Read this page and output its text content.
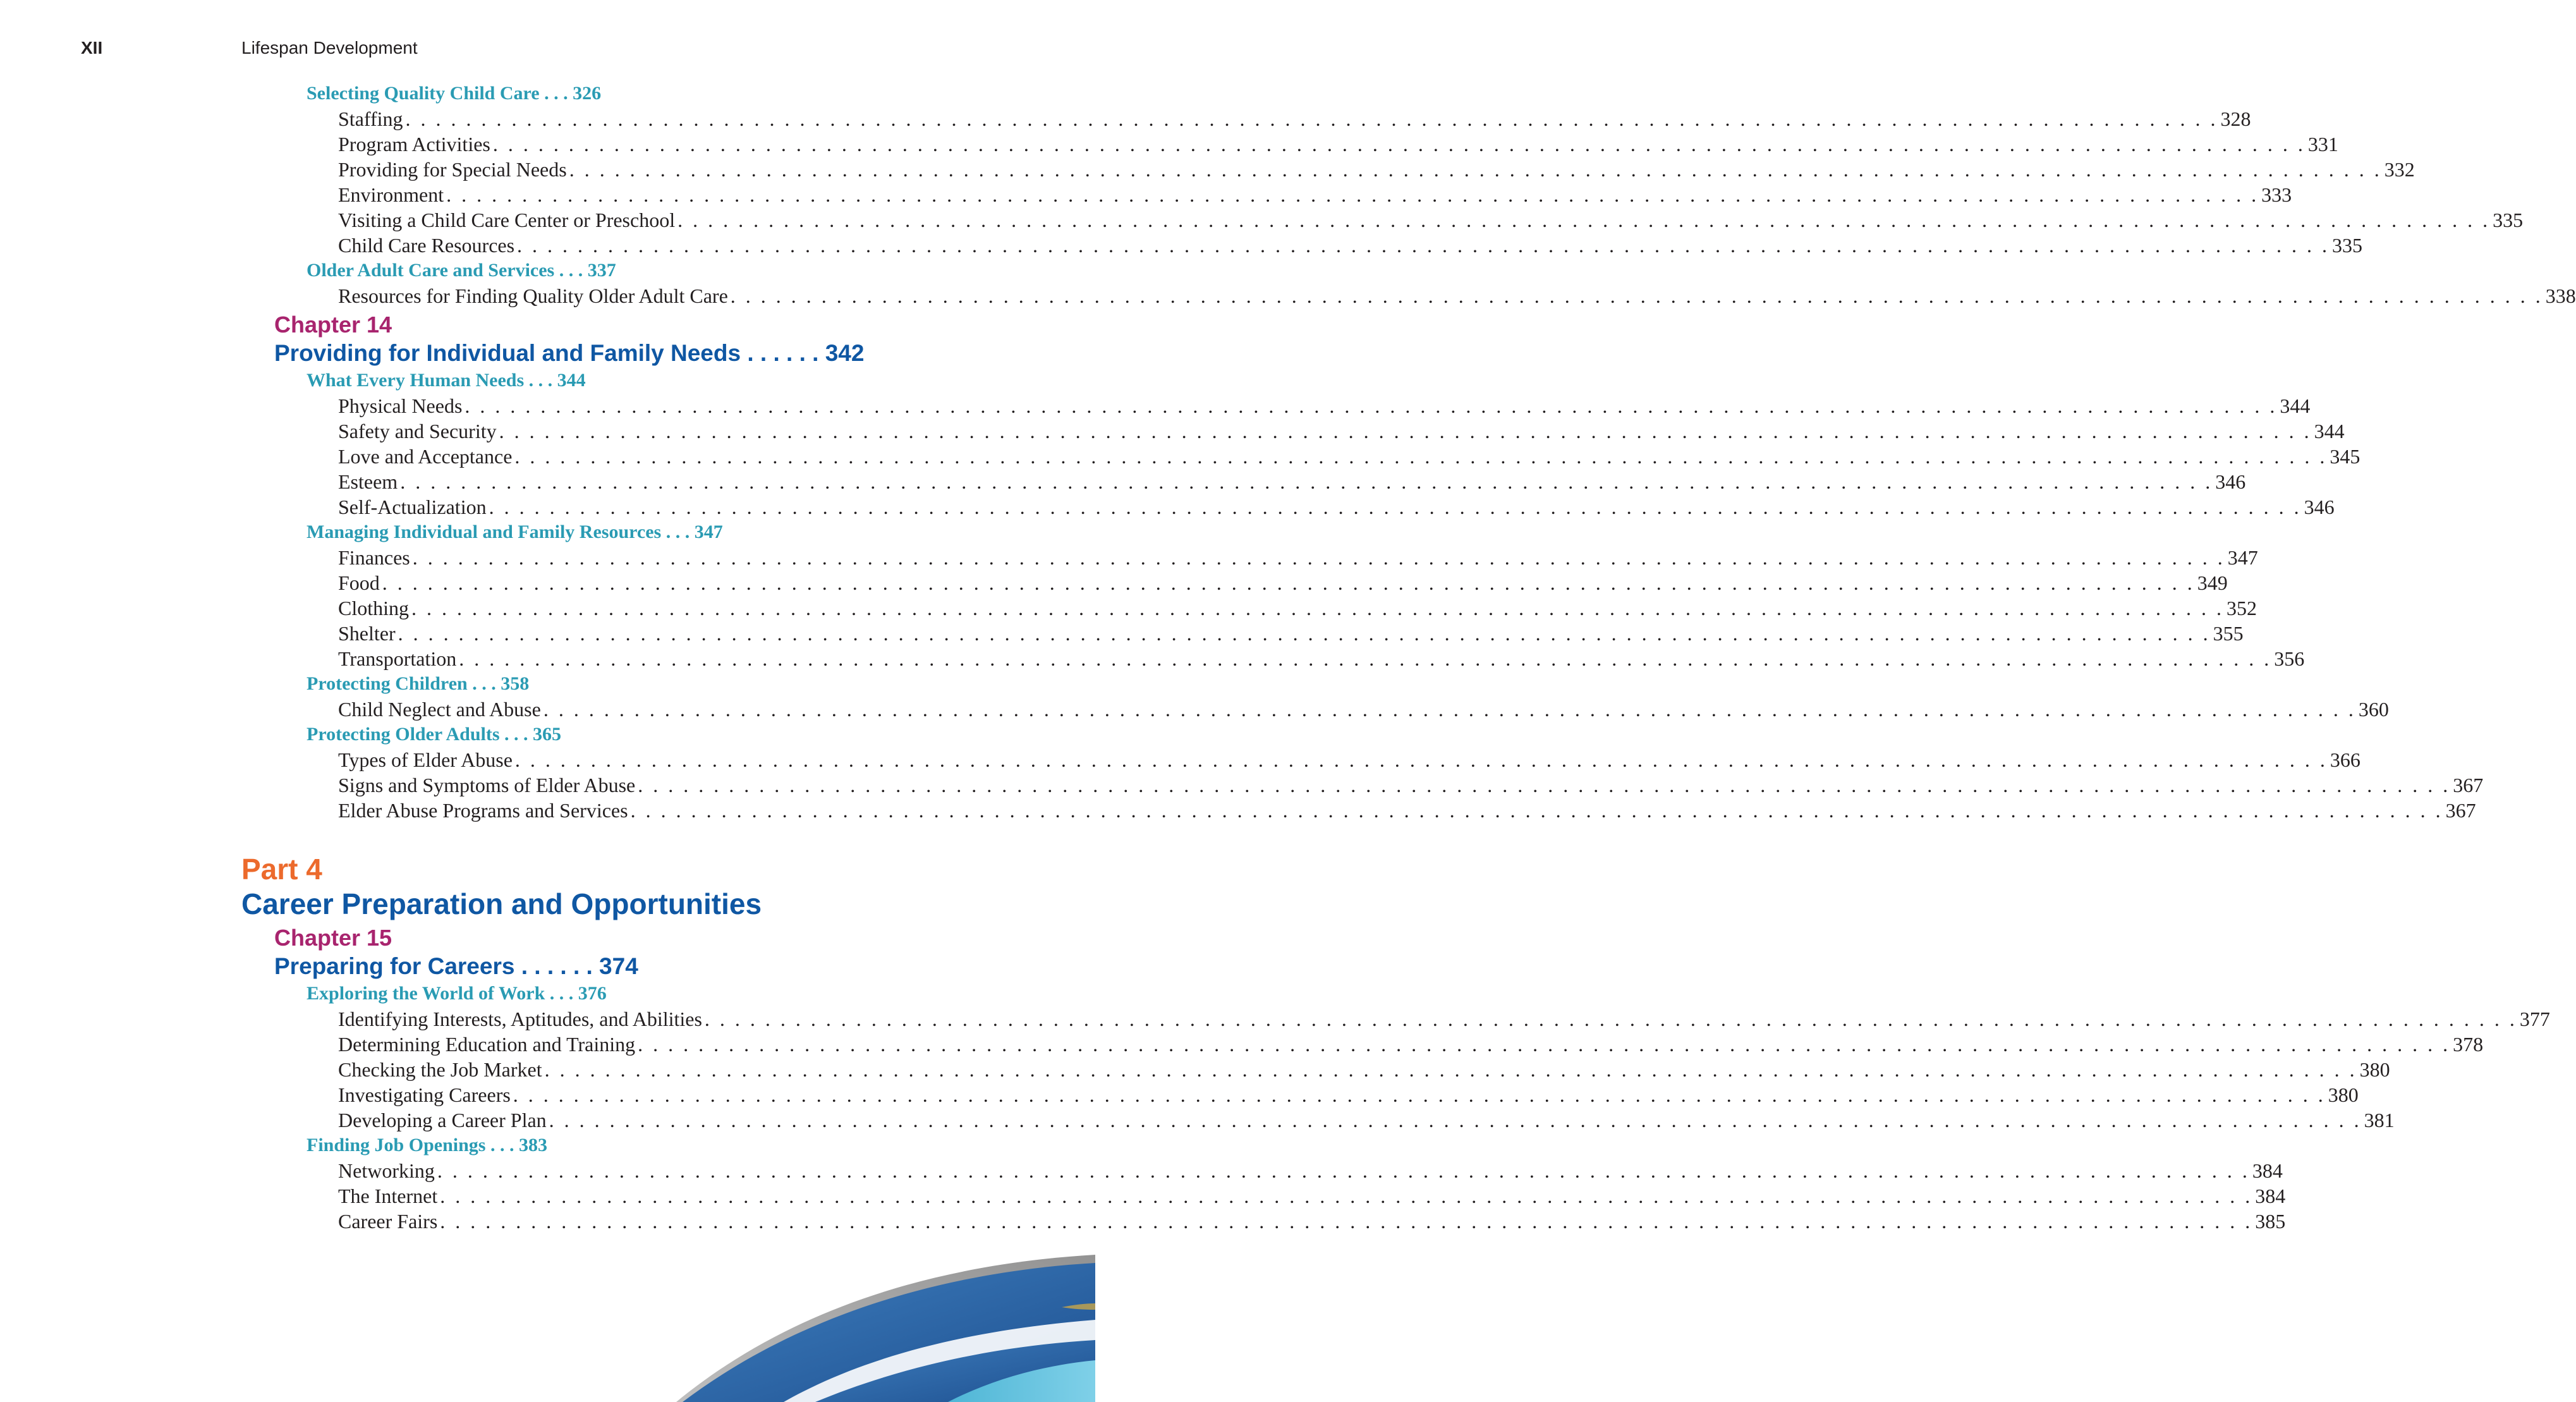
XII	Lifespan Development
Selecting Quality Child Care . . . 326
Staffing . . . . . . . . . . . . . . . . . . . . . . . . . . . . . . . . . . . . . . . . . . . . . . . . . . . . . . . . . . . . . . . . . . . . . . . . . . . . . . . . . . . . . . . . . . . . . . . . . . . . . . . . . . . . . . . . . . . . . . . . 328
Program Activities . . . . . . . . . . . . . . . . . . . . . . . . . . . . . . . . . . . . . . . . . . . . . . . . . . . . . . . . . . . . . . . . . . . . . . . . . . . . . . . . . . . . . . . . . . . . . . . . . . . . . . . . . . . . . . . . . . . . . . . . 331
Providing for Special Needs . . . . . . . . . . . . . . . . . . . . . . . . . . . . . . . . . . . . . . . . . . . . . . . . . . . . . . . . . . . . . . . . . . . . . . . . . . . . . . . . . . . . . . . . . . . . . . . . . . . . . . . . . . . . . . . . . . . . . . . . 332
Environment . . . . . . . . . . . . . . . . . . . . . . . . . . . . . . . . . . . . . . . . . . . . . . . . . . . . . . . . . . . . . . . . . . . . . . . . . . . . . . . . . . . . . . . . . . . . . . . . . . . . . . . . . . . . . . . . . . . . . . . . 333
Visiting a Child Care Center or Preschool . . . . . . . . . . . . . . . . . . . . . . . . . . . . . . . . . . . . . . . . . . . . . . . . . . . . . . . . . . . . . . . . . . . . . . . . . . . . . . . . . . . . . . . . . . . . . . . . . . . . . . . . . . . . . . . . . . . . . . . . 335
Child Care Resources . . . . . . . . . . . . . . . . . . . . . . . . . . . . . . . . . . . . . . . . . . . . . . . . . . . . . . . . . . . . . . . . . . . . . . . . . . . . . . . . . . . . . . . . . . . . . . . . . . . . . . . . . . . . . . . . . . . . . . . . 335
Older Adult Care and Services . . . 337
Resources for Finding Quality Older Adult Care . . . . . . . . . . . . . . . . . . . . . . . . . . . . . . . . . . . . . . . . . . . . . . . . . . . . . . . . . . . . . . . . . . . . . . . . . . . . . . . . . . . . . . . . . . . . . . . . . . . . . . . . . . . . . . . . . . . . . . . . 338
Chapter 14
Providing for Individual and Family Needs . . . . . . 342
What Every Human Needs . . . 344
Physical Needs . . . . . . . . . . . . . . . . . . . . . . . . . . . . . . . . . . . . . . . . . . . . . . . . . . . . . . . . . . . . . . . . . . . . . . . . . . . . . . . . . . . . . . . . . . . . . . . . . . . . . . . . . . . . . . . . . . . . . . . . 344
Safety and Security . . . . . . . . . . . . . . . . . . . . . . . . . . . . . . . . . . . . . . . . . . . . . . . . . . . . . . . . . . . . . . . . . . . . . . . . . . . . . . . . . . . . . . . . . . . . . . . . . . . . . . . . . . . . . . . . . . . . . . . . 344
Love and Acceptance . . . . . . . . . . . . . . . . . . . . . . . . . . . . . . . . . . . . . . . . . . . . . . . . . . . . . . . . . . . . . . . . . . . . . . . . . . . . . . . . . . . . . . . . . . . . . . . . . . . . . . . . . . . . . . . . . . . . . . . . 345
Esteem . . . . . . . . . . . . . . . . . . . . . . . . . . . . . . . . . . . . . . . . . . . . . . . . . . . . . . . . . . . . . . . . . . . . . . . . . . . . . . . . . . . . . . . . . . . . . . . . . . . . . . . . . . . . . . . . . . . . . . . . 346
Self-Actualization . . . . . . . . . . . . . . . . . . . . . . . . . . . . . . . . . . . . . . . . . . . . . . . . . . . . . . . . . . . . . . . . . . . . . . . . . . . . . . . . . . . . . . . . . . . . . . . . . . . . . . . . . . . . . . . . . . . . . . . . 346
Managing Individual and Family Resources . . . 347
Finances . . . . . . . . . . . . . . . . . . . . . . . . . . . . . . . . . . . . . . . . . . . . . . . . . . . . . . . . . . . . . . . . . . . . . . . . . . . . . . . . . . . . . . . . . . . . . . . . . . . . . . . . . . . . . . . . . . . . . . . . 347
Food . . . . . . . . . . . . . . . . . . . . . . . . . . . . . . . . . . . . . . . . . . . . . . . . . . . . . . . . . . . . . . . . . . . . . . . . . . . . . . . . . . . . . . . . . . . . . . . . . . . . . . . . . . . . . . . . . . . . . . . . 349
Clothing . . . . . . . . . . . . . . . . . . . . . . . . . . . . . . . . . . . . . . . . . . . . . . . . . . . . . . . . . . . . . . . . . . . . . . . . . . . . . . . . . . . . . . . . . . . . . . . . . . . . . . . . . . . . . . . . . . . . . . . . 352
Shelter . . . . . . . . . . . . . . . . . . . . . . . . . . . . . . . . . . . . . . . . . . . . . . . . . . . . . . . . . . . . . . . . . . . . . . . . . . . . . . . . . . . . . . . . . . . . . . . . . . . . . . . . . . . . . . . . . . . . . . . . 355
Transportation . . . . . . . . . . . . . . . . . . . . . . . . . . . . . . . . . . . . . . . . . . . . . . . . . . . . . . . . . . . . . . . . . . . . . . . . . . . . . . . . . . . . . . . . . . . . . . . . . . . . . . . . . . . . . . . . . . . . . . . . 356
Protecting Children . . . 358
Child Neglect and Abuse . . . . . . . . . . . . . . . . . . . . . . . . . . . . . . . . . . . . . . . . . . . . . . . . . . . . . . . . . . . . . . . . . . . . . . . . . . . . . . . . . . . . . . . . . . . . . . . . . . . . . . . . . . . . . . . . . . . . . . . . 360
Protecting Older Adults . . . 365
Types of Elder Abuse . . . . . . . . . . . . . . . . . . . . . . . . . . . . . . . . . . . . . . . . . . . . . . . . . . . . . . . . . . . . . . . . . . . . . . . . . . . . . . . . . . . . . . . . . . . . . . . . . . . . . . . . . . . . . . . . . . . . . . . . 366
Signs and Symptoms of Elder Abuse . . . . . . . . . . . . . . . . . . . . . . . . . . . . . . . . . . . . . . . . . . . . . . . . . . . . . . . . . . . . . . . . . . . . . . . . . . . . . . . . . . . . . . . . . . . . . . . . . . . . . . . . . . . . . . . . . . . . . . . . 367
Elder Abuse Programs and Services . . . . . . . . . . . . . . . . . . . . . . . . . . . . . . . . . . . . . . . . . . . . . . . . . . . . . . . . . . . . . . . . . . . . . . . . . . . . . . . . . . . . . . . . . . . . . . . . . . . . . . . . . . . . . . . . . . . . . . . . 367
Part 4
Career Preparation and Opportunities
Chapter 15
Preparing for Careers . . . . . . 374
Exploring the World of Work . . . 376
Identifying Interests, Aptitudes, and Abilities . . . . . . . . . . . . . . . . . . . . . . . . . . . . . . . . . . . . . . . . . . . . . . . . . . . . . . . . . . . . . . . . . . . . . . . . . . . . . . . . . . . . . . . . . . . . . . . . . . . . . . . . . . . . . . . . . . . . . . . . 377
Determining Education and Training . . . . . . . . . . . . . . . . . . . . . . . . . . . . . . . . . . . . . . . . . . . . . . . . . . . . . . . . . . . . . . . . . . . . . . . . . . . . . . . . . . . . . . . . . . . . . . . . . . . . . . . . . . . . . . . . . . . . . . . . 378
Checking the Job Market . . . . . . . . . . . . . . . . . . . . . . . . . . . . . . . . . . . . . . . . . . . . . . . . . . . . . . . . . . . . . . . . . . . . . . . . . . . . . . . . . . . . . . . . . . . . . . . . . . . . . . . . . . . . . . . . . . . . . . . . 380
Investigating Careers . . . . . . . . . . . . . . . . . . . . . . . . . . . . . . . . . . . . . . . . . . . . . . . . . . . . . . . . . . . . . . . . . . . . . . . . . . . . . . . . . . . . . . . . . . . . . . . . . . . . . . . . . . . . . . . . . . . . . . . . 380
Developing a Career Plan . . . . . . . . . . . . . . . . . . . . . . . . . . . . . . . . . . . . . . . . . . . . . . . . . . . . . . . . . . . . . . . . . . . . . . . . . . . . . . . . . . . . . . . . . . . . . . . . . . . . . . . . . . . . . . . . . . . . . . . . 381
Finding Job Openings . . . 383
Networking . . . . . . . . . . . . . . . . . . . . . . . . . . . . . . . . . . . . . . . . . . . . . . . . . . . . . . . . . . . . . . . . . . . . . . . . . . . . . . . . . . . . . . . . . . . . . . . . . . . . . . . . . . . . . . . . . . . . . . . . 384
The Internet . . . . . . . . . . . . . . . . . . . . . . . . . . . . . . . . . . . . . . . . . . . . . . . . . . . . . . . . . . . . . . . . . . . . . . . . . . . . . . . . . . . . . . . . . . . . . . . . . . . . . . . . . . . . . . . . . . . . . . . . 384
Career Fairs . . . . . . . . . . . . . . . . . . . . . . . . . . . . . . . . . . . . . . . . . . . . . . . . . . . . . . . . . . . . . . . . . . . . . . . . . . . . . . . . . . . . . . . . . . . . . . . . . . . . . . . . . . . . . . . . . . . . . . . . 385
